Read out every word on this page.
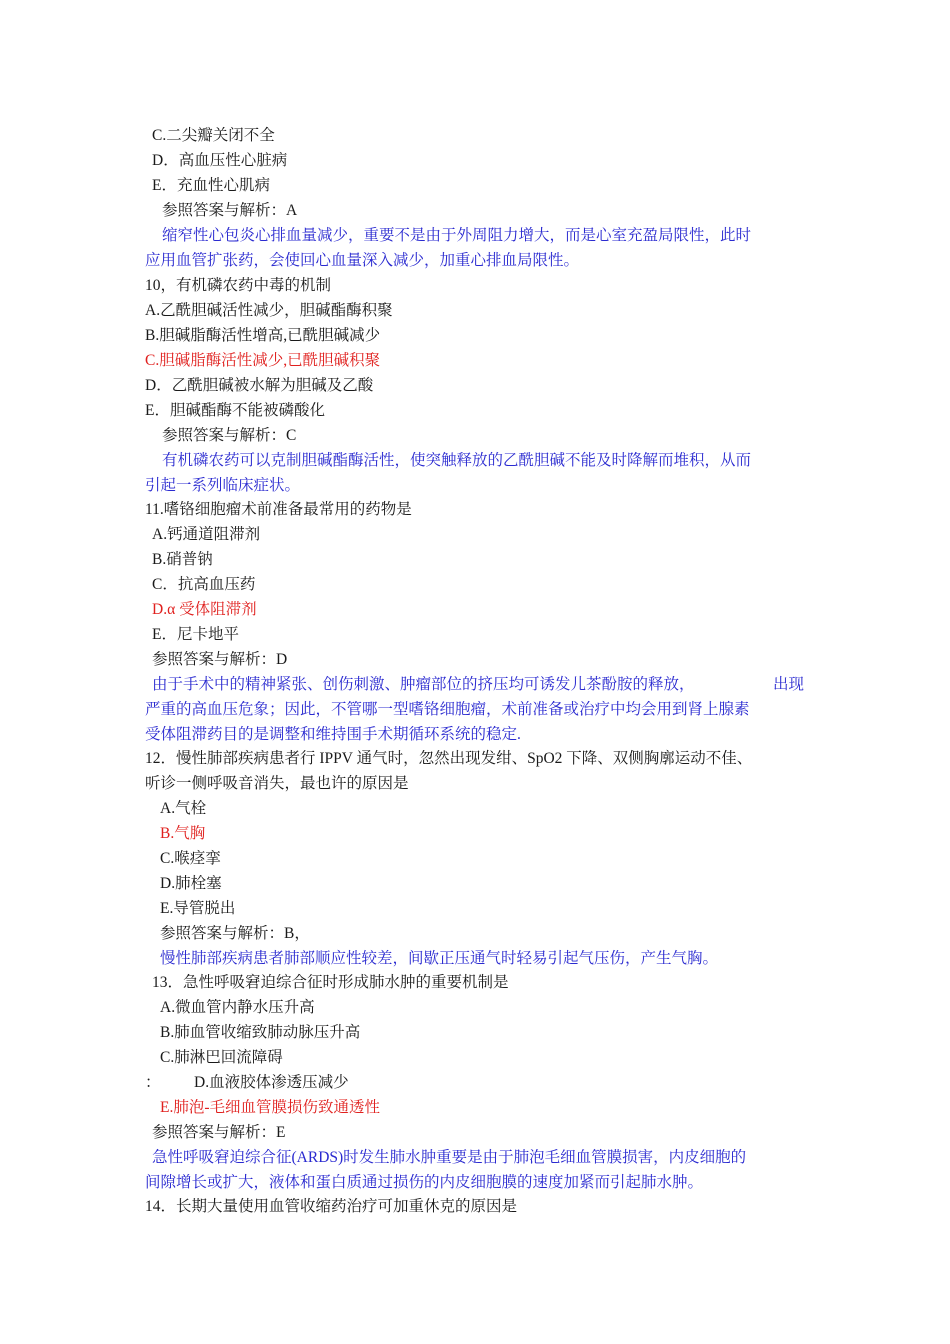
C.二尖瓣关闭不全
D．高血压性心脏病
E．充血性心肌病
参照答案与解析：A
缩窄性心包炎心排血量减少，重要不是由于外周阻力增大，而是心室充盈局限性，此时
应用血管扩张药，会使回心血量深入减少，加重心排血局限性。
10，有机磷农药中毒的机制
A.乙酰胆碱活性减少，胆碱酯酶积聚
B.胆碱脂酶活性增高,已酰胆碱减少
C.胆碱脂酶活性减少,已酰胆碱积聚
D．乙酰胆碱被水解为胆碱及乙酸
E．胆碱酯酶不能被磷酸化
参照答案与解析：C
有机磷农药可以克制胆碱酯酶活性，使突触释放的乙酰胆碱不能及时降解而堆积，从而
引起一系列临床症状。
11.嗜铬细胞瘤术前准备最常用的药物是
A.钙通道阻滞剂
B.硝普钠
C．抗高血压药
D.α 受体阻滞剂
E．尼卡地平
参照答案与解析：D
由于手术中的精神紧张、创伤刺激、肿瘤部位的挤压均可诱发儿茶酚胺的释放，	出现
严重的高血压危象；因此，不管哪一型嗜铬细胞瘤，术前准备或治疗中均会用到肾上腺素
受体阻滞药目的是调整和维持围手术期循环系统的稳定.
12．慢性肺部疾病患者行 IPPV 通气时，忽然出现发绀、SpO2 下降、双侧胸廓运动不佳、
听诊一侧呼吸音消失，最也许的原因是
A.气栓
B.气胸
C.喉痉挛
D.肺栓塞
E.导管脱出
参照答案与解析：B，
慢性肺部疾病患者肺部顺应性较差，间歇正压通气时轻易引起气压伤，产生气胸。
13．急性呼吸窘迫综合征时形成肺水肿的重要机制是
A.微血管内静水压升高
B.肺血管收缩致肺动脉压升高
C.肺淋巴回流障碍
： D.血液胶体渗透压减少
E.肺泡-毛细血管膜损伤致通透性
参照答案与解析：E
急性呼吸窘迫综合征(ARDS)时发生肺水肿重要是由于肺泡毛细血管膜损害，内皮细胞的
间隙增长或扩大，液体和蛋白质通过损伤的内皮细胞膜的速度加紧而引起肺水肿。
14．长期大量使用血管收缩药治疗可加重休克的原因是
